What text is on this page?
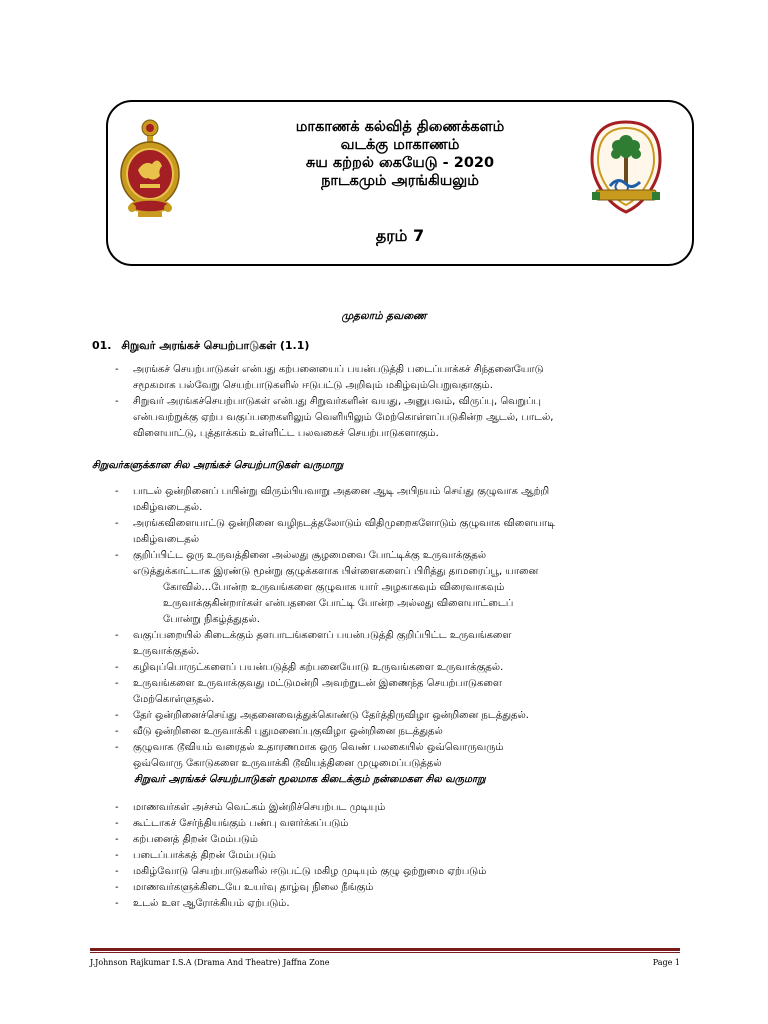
மாகாணக் கல்வித் திணைக்களம்
வடக்கு மாகாணம்
சுய கற்றல் கையேடு - 2020
நாடகமும் அரங்கியலும்
தரம் 7
முதலாம் தவணை
01. சிறுவர் அரங்கச் செயற்பாடுகள் (1.1)
- அரங்கச் செயற்பாடுகள் என்பது கற்பனையைப் பயன்படுத்தி படைப்பாக்கச் சிந்தனையோடு
சமூகமாக பல்வேறு செயற்பாடுகளில் ஈடுபட்டு அறிவும் மகிழ்வும்பெறுவதாகும்.
- சிறுவர் அரங்கச்செயற்பாடுகள் என்பது சிறுவர்களின் வயது, அனுபவம், விருப்பு, வெறுப்பு
என்பவற்றுக்கு ஏற்ப வகுப்பறைகளிலும் வெளியிலும் மேற்கொள்ளப்படுகின்ற ஆடல், பாடல்,
விளையாட்டு, புத்தாக்கம் உள்ளிட்ட பலவகைச் செயற்பாடுகளாகும்.
சிறுவர்களுக்கான சில அரங்கச் செயற்பாடுகள் வருமாறு
- பாடல் ஒன்றினைப் பயின்று விரும்பியவாறு அதனை ஆடி அபிநயம் செய்து குழுவாக ஆற்றி
மகிழ்வடைதல்.
- அரங்கவிளையாட்டு ஒன்றினை வழிநடத்தலோடும் விதிமுறைகளோடும் குழுவாக விளையாடி
மகிழ்வடைதல்
- குறிப்பிட்ட ஒரு உருவத்தினை அல்லது சூழமைவை போட்டிக்கு உருவாக்குதல்
எடுத்துக்காட்டாக இரண்டு மூன்று குழுக்களாக பிள்ளைகளைப் பிரித்து தாமரைப்பூ, யானை
கோவில்…போன்ற உருவங்களை குழுவாக யார் அழகாகவும் விரைவாகவும்
உருவாக்குகின்றார்கள் என்பதனை போட்டி போன்ற அல்லது விளையாட்டைப்
போன்று நிகழ்த்துதல்.
- வகுப்பறையில் கிடைக்கும் தளபாடங்களைப் பயன்படுத்தி குறிப்பிட்ட உருவங்களை
உருவாக்குதல்.
- கழிவுப்பொருட்களைப் பயன்படுத்தி கற்பனையோடு உருவங்களை உருவாக்குதல்.
- உருவங்களை உருவாக்குவது மட்டுமன்றி அவற்றுடன் இணைந்த செயற்பாடுகளை
மேற்கொள்ளுதல்.
- தேர் ஒன்றினைச்செய்து அதனைவைத்துக்கொண்டு தேர்த்திருவிழா ஒன்றினை நடத்துதல்.
- வீடு ஒன்றினை உருவாக்கி புதுமனைப்புகுவிழா ஒன்றினை நடத்துதல்
- குழுவாக டூவியம் வரைதல் உதாரணமாக ஒரு வெண் பலகையில் ஒவ்வொருவரும்
ஒவ்வொரு கோடுகளை உருவாக்கி டூவியத்தினை முழுமைப்படுத்தல்
சிறுவர் அரங்கச் செயற்பாடுகள் மூலமாக கிடைக்கும் நன்மைகள சில வருமாறு
- மாணவர்கள் அச்சம் வெட்கம் இன்றிச்செயற்பட முடியும்
- கூட்டாகச் சேர்ந்தியங்கும் பண்பு வளர்க்கப்படும்
- கற்பனைத் திறன் மேம்படும்
- படைப்பாக்கத் திறன் மேம்படும்
- மகிழ்வோடு செயற்பாடுகளில் ஈடுபட்டு மகிழ முடியும் குழு ஒற்றுமை ஏற்படும்
- மாணவர்களுக்கிடையே உயர்வு தாழ்வு நிலை நீங்கும்
- உடல் உள ஆரோக்கியம் ஏற்படும்.
J.Johnson Rajkumar I.S.A (Drama And Theatre) Jaffna Zone	Page 1
